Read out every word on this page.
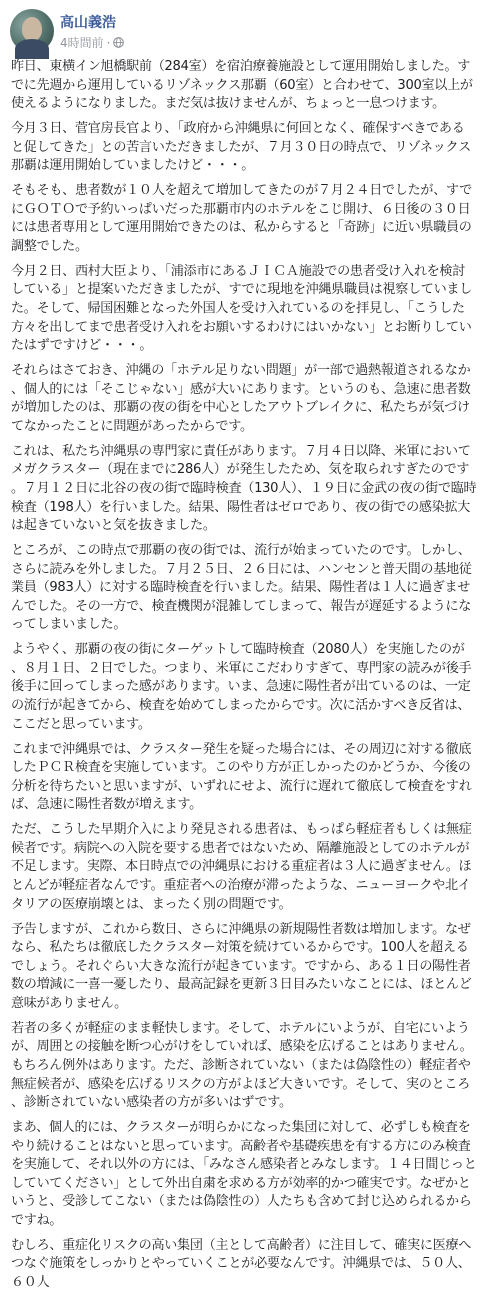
高山義浩
4時間前 ·

昨日、東横イン旭橋駅前（284室）を宿泊療養施設として運用開始しました。すでに先週から運用しているリゾネックス那覇（60室）と合わせて、300室以上が使えるようになりました。まだ気は抜けませんが、ちょっと一息つけます。

今月３日、菅官房長官より、「政府から沖縄県に何回となく、確保すべきであると促してきた」との苦言いただきましたが、７月３０日の時点で、リゾネックス那覇は運用開始していましたけど・・・。

そもそも、患者数が１０人を超えて増加してきたのが７月２４日でしたが、すでにＧＯＴＯで予約いっぱいだった那覇市内のホテルをこじ開け、６日後の３０日には患者専用として運用開始できたのは、私からすると「奇跡」に近い県職員の調整でした。

今月２日、西村大臣より、「浦添市にあるＪＩＣＡ施設での患者受け入れを検討している」と提案いただきましたが、すでに現地を沖縄県職員は視察していました。そして、帰国困難となった外国人を受け入れているのを拝見し、「こうした方々を出してまで患者受け入れをお願いするわけにはいかない」とお断りしていたはずですけど・・・。

それらはさておき、沖縄の「ホテル足りない問題」が一部で過熱報道されるなか、個人的には「そこじゃない」感が大いにあります。というのも、急速に患者数が増加したのは、那覇の夜の街を中心としたアウトブレイクに、私たちが気づけてなかったことに問題があったからです。

これは、私たち沖縄県の専門家に責任があります。７月４日以降、米軍においてメガクラスター（現在までに286人）が発生したため、気を取られすぎたのです。７月１２日に北谷の夜の街で臨時検査（130人）、１９日に金武の夜の街で臨時検査（198人）を行いました。結果、陽性者はゼロであり、夜の街での感染拡大は起きていないと気を抜きました。

ところが、この時点で那覇の夜の街では、流行が始まっていたのです。しかし、さらに読みを外しました。７月２５日、２６日には、ハンセンと普天間の基地従業員（983人）に対する臨時検査を行いました。結果、陽性者は１人に過ぎませんでした。その一方で、検査機関が混雑してしまって、報告が遅延するようになってしまいました。

ようやく、那覇の夜の街にターゲットして臨時検査（2080人）を実施したのが、８月１日、２日でした。つまり、米軍にこだわりすぎて、専門家の読みが後手後手に回ってしまった感があります。いま、急速に陽性者が出ているのは、一定の流行が起きてから、検査を始めてしまったからです。次に活かすべき反省は、ここだと思っています。

これまで沖縄県では、クラスター発生を疑った場合には、その周辺に対する徹底したＰＣＲ検査を実施しています。このやり方が正しかったのかどうか、今後の分析を待ちたいと思いますが、いずれにせよ、流行に遅れて徹底して検査をすれば、急速に陽性者数が増えます。

ただ、こうした早期介入により発見される患者は、もっぱら軽症者もしくは無症候者です。病院への入院を要する患者ではないため、隔離施設としてのホテルが不足します。実際、本日時点での沖縄県における重症者は３人に過ぎません。ほとんどが軽症者なんです。重症者への治療が滞ったような、ニューヨークや北イタリアの医療崩壊とは、まったく別の問題です。

予告しますが、これから数日、さらに沖縄県の新規陽性者数は増加します。なぜなら、私たちは徹底したクラスター対策を続けているからです。100人を超えるでしょう。それぐらい大きな流行が起きています。ですから、ある１日の陽性者数の増減に一喜一憂したり、最高記録を更新３日目みたいなことには、ほとんど意味がありません。

若者の多くが軽症のまま軽快します。そして、ホテルにいようが、自宅にいようが、周囲との接触を断つ心がけをしていれば、感染を広げることはありません。もちろん例外はあります。ただ、診断されていない（または偽陰性の）軽症者や無症候者が、感染を広げるリスクの方がよほど大きいです。そして、実のところ、診断されていない感染者の方が多いはずです。

まあ、個人的には、クラスターが明らかになった集団に対して、必ずしも検査をやり続けることはないと思っています。高齢者や基礎疾患を有する方にのみ検査を実施して、それ以外の方には、「みなさん感染者とみなします。１４日間じっとしていてください」として外出自粛を求める方が効率的かつ確実です。なぜかというと、受診してこない（または偽陰性の）人たちも含めて封じ込められるからですね。

むしろ、重症化リスクの高い集団（主として高齢者）に注目して、確実に医療へつなぐ施策をしっかりとやっていくことが必要なんです。沖縄県では、５０人、６０人
